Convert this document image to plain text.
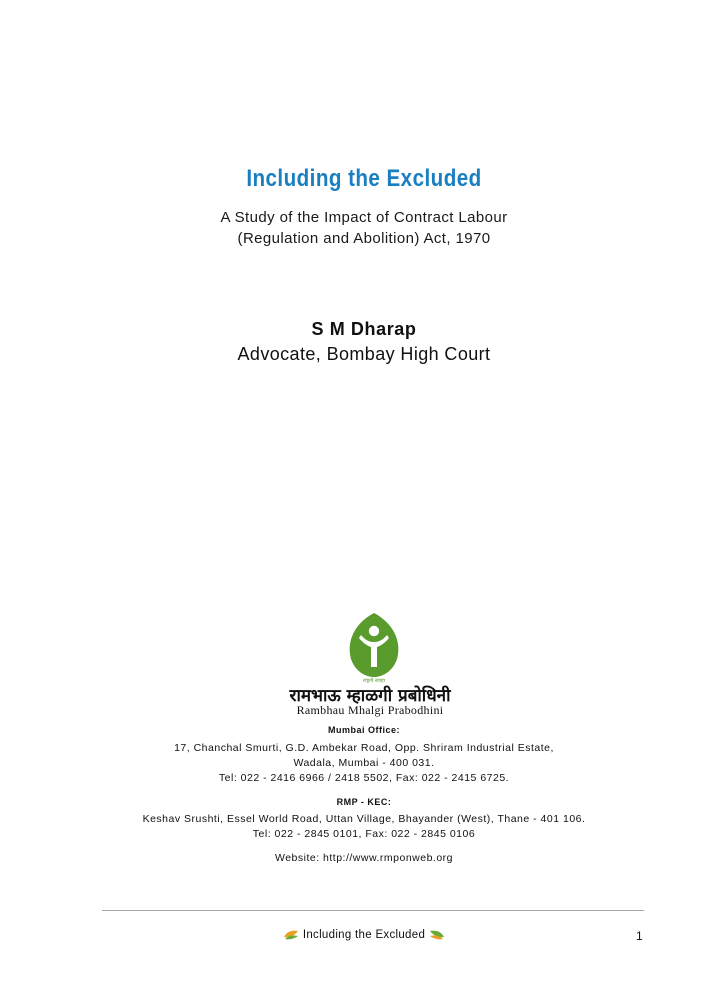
Including the Excluded
A Study of the Impact of Contract Labour
(Regulation and Abolition) Act, 1970
S M Dharap
Advocate, Bombay High Court
राष्ट्रायै स्वाहा
रामभाऊ म्हाळगी प्रबोधिनी
Rambhau Mhalgi Prabodhini
Mumbai Office:
17, Chanchal Smurti, G.D. Ambekar Road, Opp. Shriram Industrial Estate,
Wadala, Mumbai - 400 031.
Tel: 022 - 2416 6966 / 2418 5502, Fax: 022 - 2415 6725.
RMP - KEC:
Keshav Srushti, Essel World Road, Uttan Village, Bhayander (West), Thane - 401 106.
Tel: 022 - 2845 0101, Fax: 022 - 2845 0106
Website: http://www.rmponweb.org
Including the Excluded	1
